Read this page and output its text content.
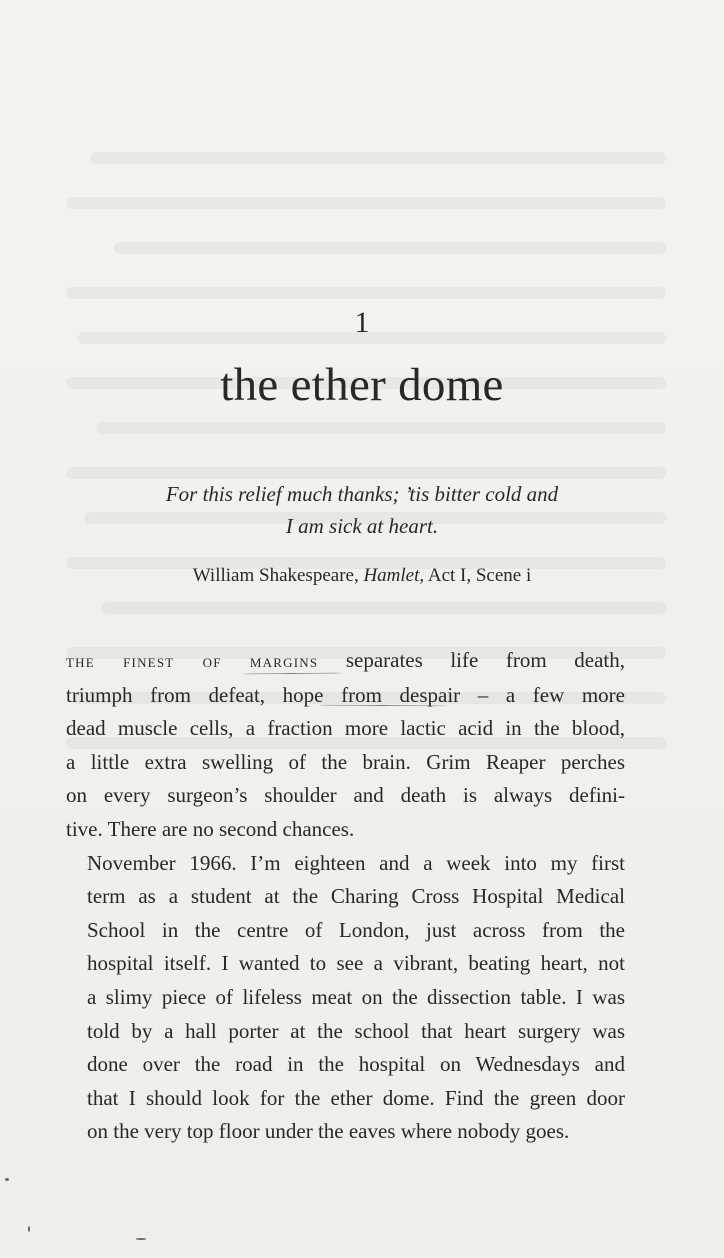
1
the ether dome
For this relief much thanks; ’tis bitter cold and
I am sick at heart.
William Shakespeare, Hamlet, Act I, Scene i

the finest of margins separates life from death,
triumph from defeat, hope from despair – a few more
dead muscle cells, a fraction more lactic acid in the blood,
a little extra swelling of the brain. Grim Reaper perches
on every surgeon’s shoulder and death is always defini-
tive. There are no second chances.

November 1966. I’m eighteen and a week into my first
term as a student at the Charing Cross Hospital Medical
School in the centre of London, just across from the
hospital itself. I wanted to see a vibrant, beating heart, not
a slimy piece of lifeless meat on the dissection table. I was
told by a hall porter at the school that heart surgery was
done over the road in the hospital on Wednesdays and
that I should look for the ether dome. Find the green door
on the very top floor under the eaves where nobody goes.
